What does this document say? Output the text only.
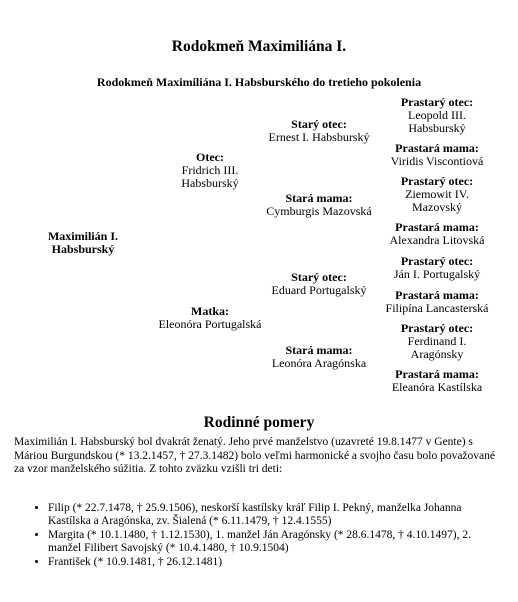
Rodokmeň Maximiliána I.
Rodokmeň Maximiliána I. Habsburského do tretieho pokolenia
Maximilián I. Habsburský
Otec:
Fridrich III. Habsburský
Matka:
Eleonóra Portugalská
Starý otec:
Ernest I. Habsburský
Stará mama:
Cymburgis Mazovská
Starý otec:
Eduard Portugalský
Stará mama:
Leonóra Aragónska
Prastarý otec:
Leopold III. Habsburský
Prastará mama:
Viridis Viscontiová
Prastarý otec:
Ziemowit IV. Mazovský
Prastará mama:
Alexandra Litovská
Prastarý otec:
Ján I. Portugalský
Prastará mama:
Filipína Lancasterská
Prastarý otec:
Ferdinand I. Aragónsky
Prastará mama:
Eleanóra Kastílska
Rodinné pomery
Maximilián I. Habsburský bol dvakrát ženatý. Jeho prvé manželstvo (uzavreté 19.8.1477 v Gente) s Máriou Burgundskou (* 13.2.1457, † 27.3.1482) bolo veľmi harmonické a svojho času bolo považované za vzor manželského súžitia. Z tohto zväzku vzišli tri deti:
• Filip (* 22.7.1478, † 25.9.1506), neskorší kastílsky kráľ Filip I. Pekný, manželka Johanna Kastílska a Aragónska, zv. Šialená (* 6.11.1479, † 12.4.1555)
• Margita (* 10.1.1480, † 1.12.1530), 1. manžel Ján Aragónsky (* 28.6.1478, † 4.10.1497), 2. manžel Filibert Savojský (* 10.4.1480, † 10.9.1504)
• František (* 10.9.1481, † 26.12.1481)
